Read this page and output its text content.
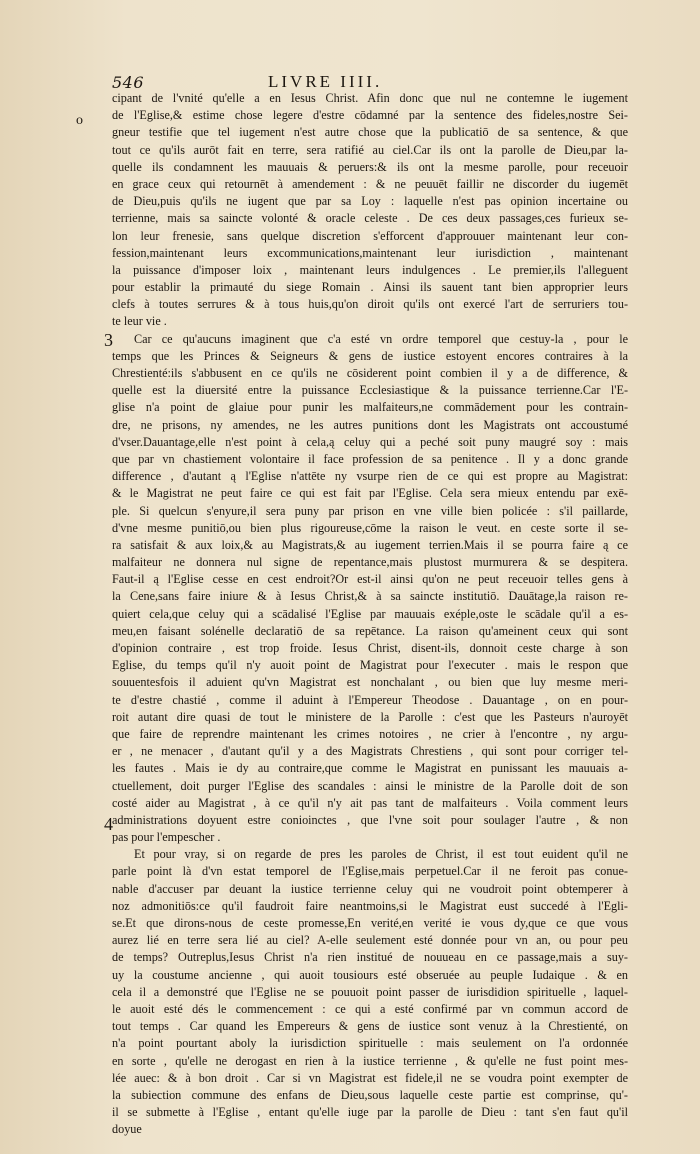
546	LIVRE IIII.
o
3
4
cipant de l'vnité qu'elle a en Iesus Christ. Afin donc que nul ne contemne le iugement
de l'Eglise,& estime chose legere d'estre cōdamné par la sentence des fideles,nostre Sei-
gneur testifie que tel iugement n'est autre chose que la publicatiō de sa sentence, & que
tout ce qu'ils aurōt fait en terre, sera ratifié au ciel.Car ils ont la parolle de Dieu,par la-
quelle ils condamnent les mauuais & peruers:& ils ont la mesme parolle, pour receuoir
en grace ceux qui retournēt à amendement : & ne peuuēt faillir ne discorder du iugemēt
de Dieu,puis qu'ils ne iugent que par sa Loy : laquelle n'est pas opinion incertaine ou
terrienne, mais sa saincte volonté & oracle celeste . De ces deux passages,ces furieux se-
lon leur frenesie, sans quelque discretion s'efforcent d'approuuer maintenant leur con-
fession,maintenant leurs excommunications,maintenant leur iurisdiction , maintenant
la puissance d'imposer loix , maintenant leurs indulgences . Le premier,ils l'alleguent
pour establir la primauté du siege Romain . Ainsi ils sauent tant bien approprier leurs
clefs à toutes serrures & à tous huis,qu'on diroit qu'ils ont exercé l'art de serruriers tou-
te leur vie .
Car ce qu'aucuns imaginent que c'a esté vn ordre temporel que cestuy-la , pour le
temps que les Princes & Seigneurs & gens de iustice estoyent encores contraires à la
Chrestienté:ils s'abbusent en ce qu'ils ne cōsiderent point combien il y a de difference, &
quelle est la diuersité entre la puissance Ecclesiastique & la puissance terrienne.Car l'E-
glise n'a point de glaiue pour punir les malfaiteurs,ne commādement pour les contrain-
dre, ne prisons, ny amendes, ne les autres punitions dont les Magistrats ont accoustumé
d'vser.Dauantage,elle n'est point à cela,ą celuy qui a peché soit puny maugré soy : mais
que par vn chastiement volontaire il face profession de sa penitence . Il y a donc grande
difference , d'autant ą l'Eglise n'attēte ny vsurpe rien de ce qui est propre au Magistrat:
& le Magistrat ne peut faire ce qui est fait par l'Eglise. Cela sera mieux entendu par exē-
ple. Si quelcun s'enyure,il sera puny par prison en vne ville bien policée : s'il paillarde,
d'vne mesme punitiō,ou bien plus rigoureuse,cōme la raison le veut. en ceste sorte il se-
ra satisfait & aux loix,& au Magistrats,& au iugement terrien.Mais il se pourra faire ą ce
malfaiteur ne donnera nul signe de repentance,mais plustost murmurera & se despitera.
Faut-il ą l'Eglise cesse en cest endroit?Or est-il ainsi qu'on ne peut receuoir telles gens à
la Cene,sans faire iniure & à Iesus Christ,& à sa saincte institutiō. Dauātage,la raison re-
quiert cela,que celuy qui a scādalisé l'Eglise par mauuais exéple,oste le scādale qu'il a es-
meu,en faisant solénelle declaratiō de sa repētance. La raison qu'ameinent ceux qui sont
d'opinion contraire , est trop froide. Iesus Christ, disent-ils, donnoit ceste charge à son
Eglise, du temps qu'il n'y auoit point de Magistrat pour l'executer . mais le respon que
souuentesfois il aduient qu'vn Magistrat est nonchalant , ou bien que luy mesme meri-
te d'estre chastié , comme il aduint à l'Empereur Theodose . Dauantage , on en pour-
roit autant dire quasi de tout le ministere de la Parolle : c'est que les Pasteurs n'auroyēt
que faire de reprendre maintenant les crimes notoires , ne crier à l'encontre , ny argu-
er , ne menacer , d'autant qu'il y a des Magistrats Chrestiens , qui sont pour corriger tel-
les fautes . Mais ie dy au contraire,que comme le Magistrat en punissant les mauuais a-
ctuellement, doit purger l'Eglise des scandales : ainsi le ministre de la Parolle doit de son
costé aider au Magistrat , à ce qu'il n'y ait pas tant de malfaiteurs . Voila comment leurs
administrations doyuent estre conioinctes , que l'vne soit pour soulager l'autre , & non
pas pour l'empescher .
Et pour vray, si on regarde de pres les paroles de Christ, il est tout euident qu'il ne
parle point là d'vn estat temporel de l'Eglise,mais perpetuel.Car il ne feroit pas conue-
nable d'accuser par deuant la iustice terrienne celuy qui ne voudroit point obtemperer à
noz admonitiōs:ce qu'il faudroit faire neantmoins,si le Magistrat eust succedé à l'Egli-
se.Et que dirons-nous de ceste promesse,En verité,en verité ie vous dy,que ce que vous
aurez lié en terre sera lié au ciel? A-elle seulement esté donnée pour vn an, ou pour peu
de temps? Outreplus,Iesus Christ n'a rien institué de nouueau en ce passage,mais a suy-
uy la coustume ancienne , qui auoit tousiours esté obseruée au peuple Iudaique . & en
cela il a demonstré que l'Eglise ne se pouuoit point passer de iurisdidion spirituelle , laquel-
le auoit esté dés le commencement : ce qui a esté confirmé par vn commun accord de
tout temps . Car quand les Empereurs & gens de iustice sont venuz à la Chrestienté, on
n'a point pourtant aboly la iurisdiction spirituelle : mais seulement on l'a ordonnée
en sorte , qu'elle ne derogast en rien à la iustice terrienne , & qu'elle ne fust point mes-
lée auec: & à bon droit . Car si vn Magistrat est fidele,il ne se voudra point exempter de
la subiection commune des enfans de Dieu,sous laquelle ceste partie est comprinse, qu'-
il se submette à l'Eglise , entant qu'elle iuge par la parolle de Dieu : tant s'en faut qu'il
doyue
